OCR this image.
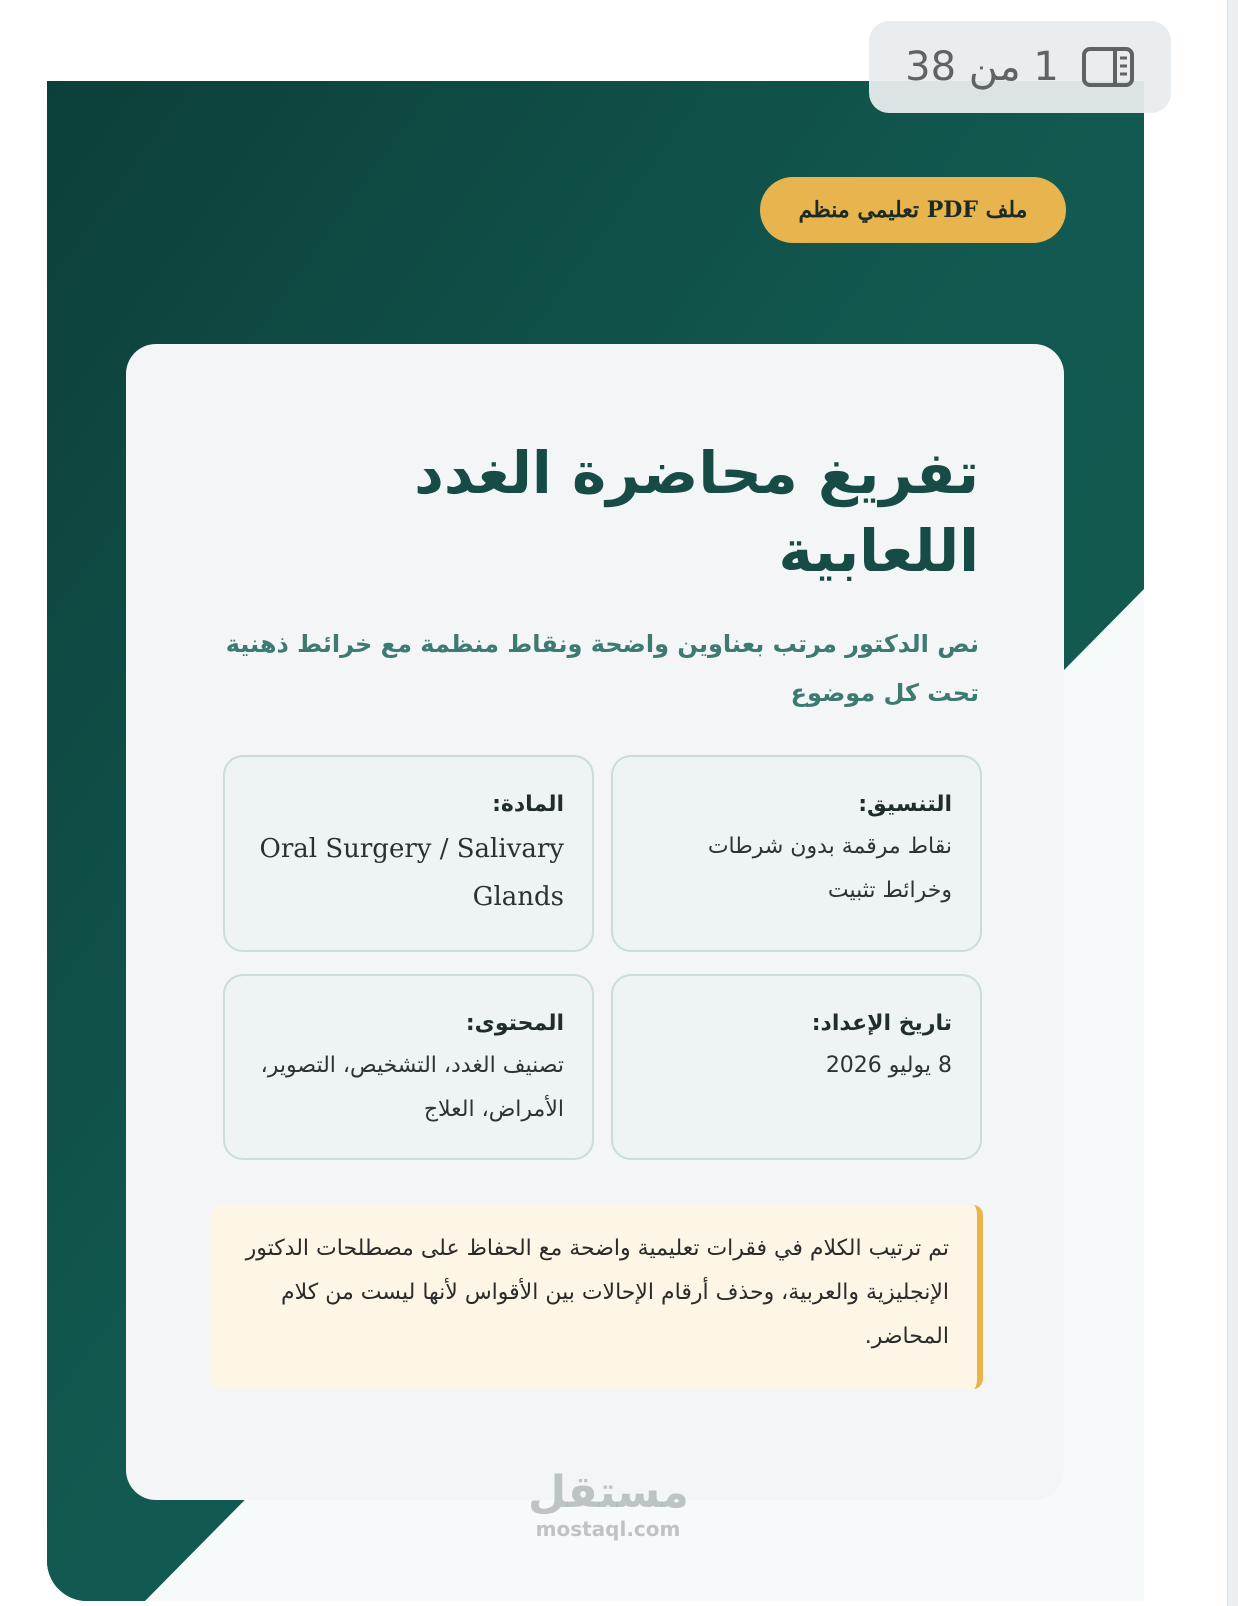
ملف PDF تعليمي منظم
تفريغ محاضرة الغدد اللعابية

نص الدكتور مرتب بعناوين واضحة ونقاط منظمة مع خرائط ذهنية تحت كل موضوع

التنسيق:
نقاط مرقمة بدون شرطات وخرائط تثبيت
المادة:
Oral Surgery / Salivary Glands
تاريخ الإعداد:
8 يوليو 2026
المحتوى:
تصنيف الغدد، التشخيص، التصوير، الأمراض، العلاج
تم ترتيب الكلام في فقرات تعليمية واضحة مع الحفاظ على مصطلحات الدكتور الإنجليزية والعربية، وحذف أرقام الإحالات بين الأقواس لأنها ليست من كلام المحاضر.
مستقل
mostaql.com
1 من 38
